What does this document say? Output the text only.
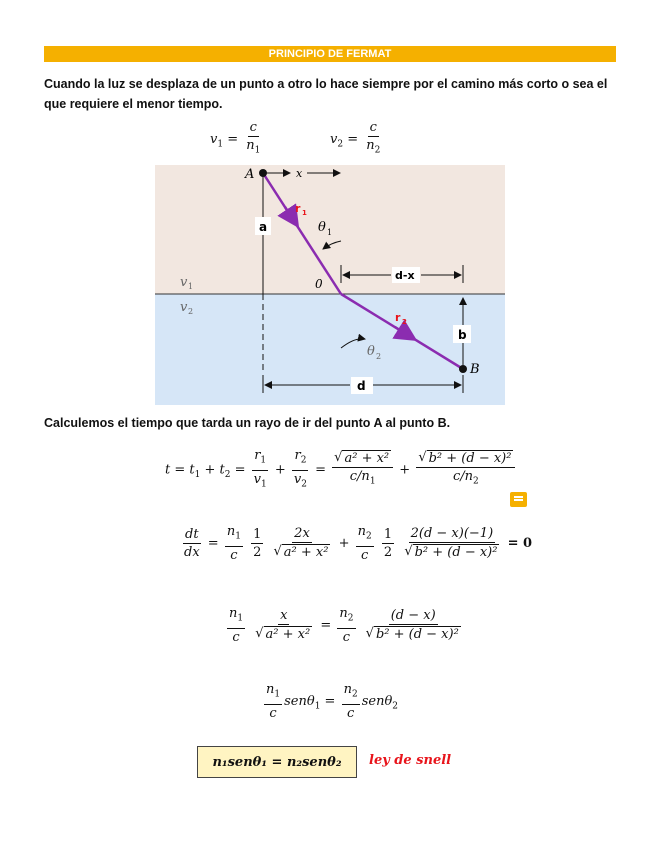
PRINCIPIO DE FERMAT

Cuando la luz se desplaza de un punto a otro lo hace siempre por el camino más corto o sea el que requiere el menor tiempo.

$v_1 = \frac{c}{n_1}$	$v_2 = \frac{c}{n_2}$
x
A
B
a
r 1
θ 1
0
v 1
v 2
d-x
b
r 2
θ 2
d

Calculemos el tiempo que tarda un rayo de ir del punto A al punto B.

$t = t_1 + t_2 = \frac{r_1}{v_1} + \frac{r_2}{v_2} = \frac{\text{√ a² + x²}}{c/n_1} + \frac{\text{√ b² + (d − x)²}}{c/n_2}$
$\frac{dt}{dx} = \frac{n_1}{c}$
$\frac{1}{2}$
$\frac{2x}{\text{√ a² + x²}} + \frac{n_2}{c}$
$\frac{1}{2}$
$\frac{2(d - x)(-1)}{\text{√ b² + (d − x)²}} = 0$
$\frac{n_1}{c}$
$\frac{x}{\text{√ a² + x²}} = \frac{n_2}{c}$
$\frac{(d - x)}{\text{√ b² + (d − x)²}}$
$\frac{n_1}{c} sen\theta_1 = \frac{n_2}{c} sen\theta_2$
n₁senθ₁ = n₂senθ₂ ley de snell
